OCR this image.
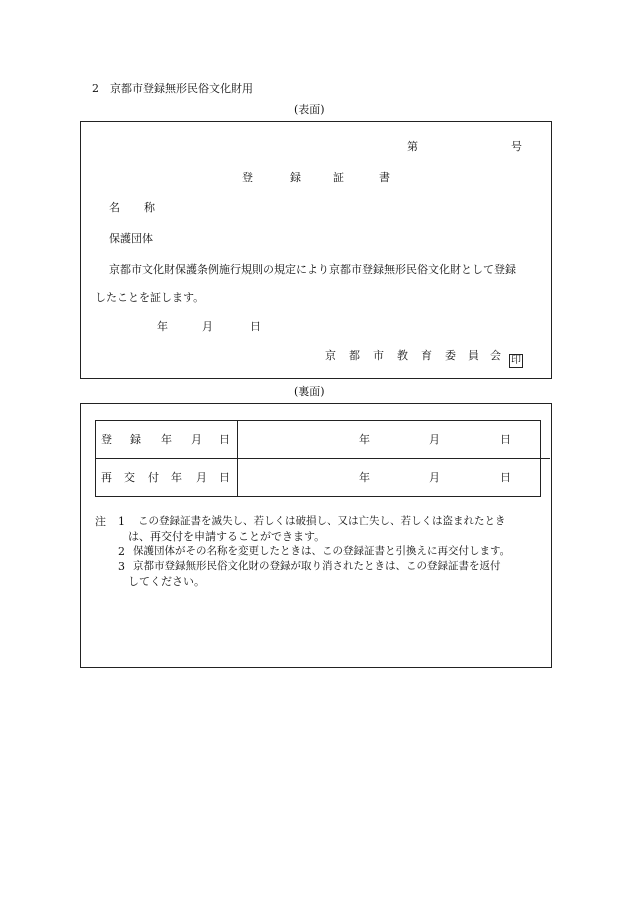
2 京都市登録無形民俗文化財用
(表面)
第	号
登	録	証	書
名 称
保護団体
京都市文化財保護条例施行規則の規定により京都市登録無形民俗文化財として登録
したことを証します。
年	月	日
京 都 市 教 育 委 員 会	印
(裏面)
登 録 年 月 日	年	月	日
再 交 付 年 月 日	年	月	日
注 1 この登録証書を滅失し、若しくは破損し、又は亡失し、若しくは盗まれたとき
は、再交付を申請することができます。
2 保護団体がその名称を変更したときは、この登録証書と引換えに再交付します。
3 京都市登録無形民俗文化財の登録が取り消されたときは、この登録証書を返付
してください。
